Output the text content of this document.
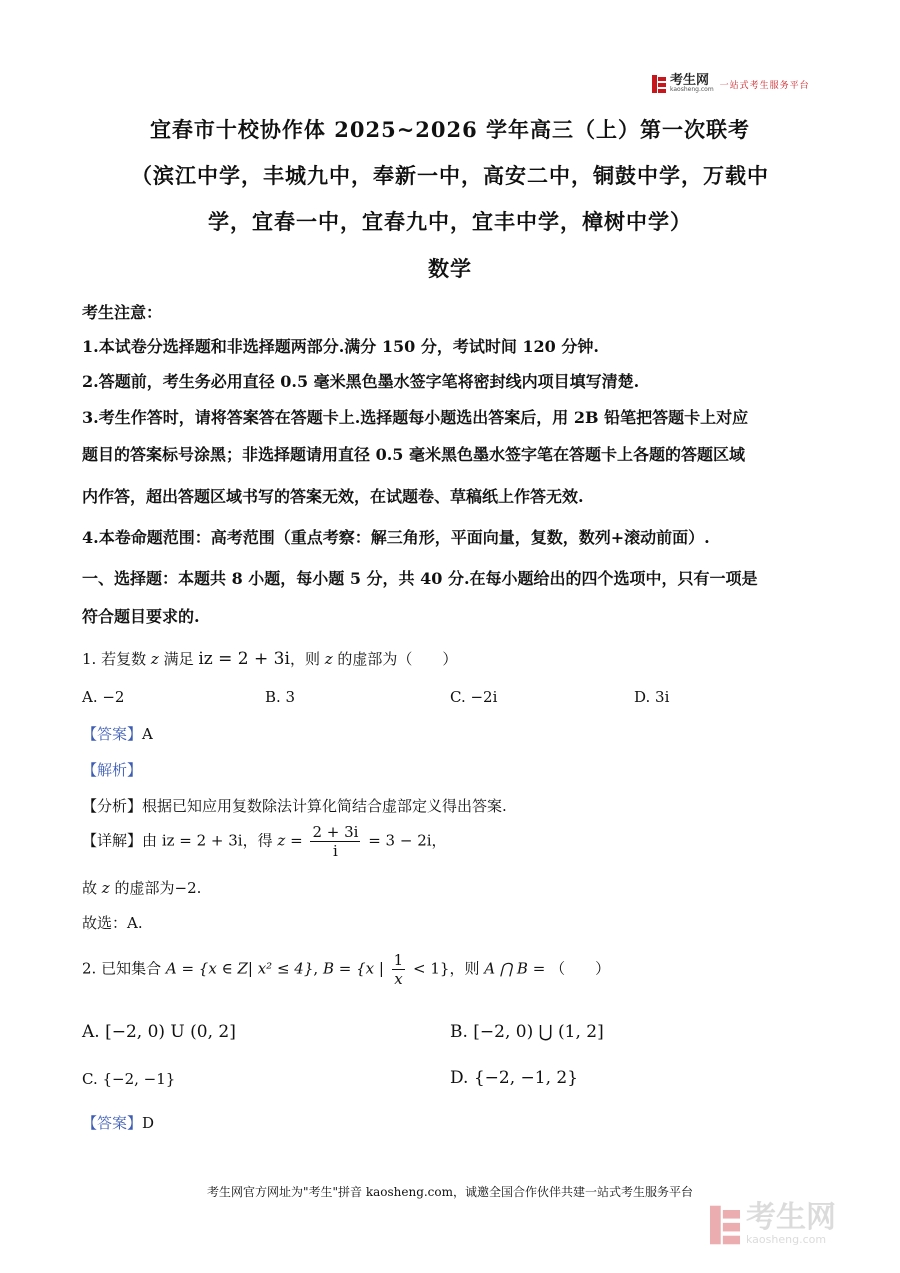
考生网
kaosheng.com 一站式考生服务平台
宜春市十校协作体 2025~2026 学年高三（上）第一次联考
（滨江中学，丰城九中，奉新一中，高安二中，铜鼓中学，万载中
学，宜春一中，宜春九中，宜丰中学，樟树中学）
数学
考生注意：
1.本试卷分选择题和非选择题两部分.满分 150 分，考试时间 120 分钟.
2.答题前，考生务必用直径 0.5 毫米黑色墨水签字笔将密封线内项目填写清楚.
3.考生作答时，请将答案答在答题卡上.选择题每小题选出答案后，用 2B 铅笔把答题卡上对应
题目的答案标号涂黑；非选择题请用直径 0.5 毫米黑色墨水签字笔在答题卡上各题的答题区域
内作答，超出答题区域书写的答案无效，在试题卷、草稿纸上作答无效.
4.本卷命题范围：高考范围（重点考察：解三角形，平面向量，复数，数列+滚动前面）.
一、选择题：本题共 8 小题，每小题 5 分，共 40 分.在每小题给出的四个选项中，只有一项是
符合题目要求的.
1. 若复数 z 满足 iz = 2 + 3i，则 z 的虚部为（　　）
A. −2	B. 3	C. −2i	D. 3i
【答案】A
【解析】
【分析】根据已知应用复数除法计算化简结合虚部定义得出答案.
【详解】由 iz = 2 + 3i，得 $z = \frac{2 + 3i}{i} = 3 - 2i$，
故 z 的虚部为−2.
故选：A.
2. 已知集合 A = {x ∈ Z| x² ≤ 4}, B = {x | $\frac{1}{x} < 1$}，则 A ⋂ B = （　　）
A. [−2, 0) U (0, 2]	B. [−2, 0) ⋃ (1, 2]
C. {−2, −1}	D. {−2, −1, 2}
【答案】D
考生网官方网址为"考生"拼音 kaosheng.com，诚邀全国合作伙伴共建一站式考生服务平台
考生网
kaosheng.com
